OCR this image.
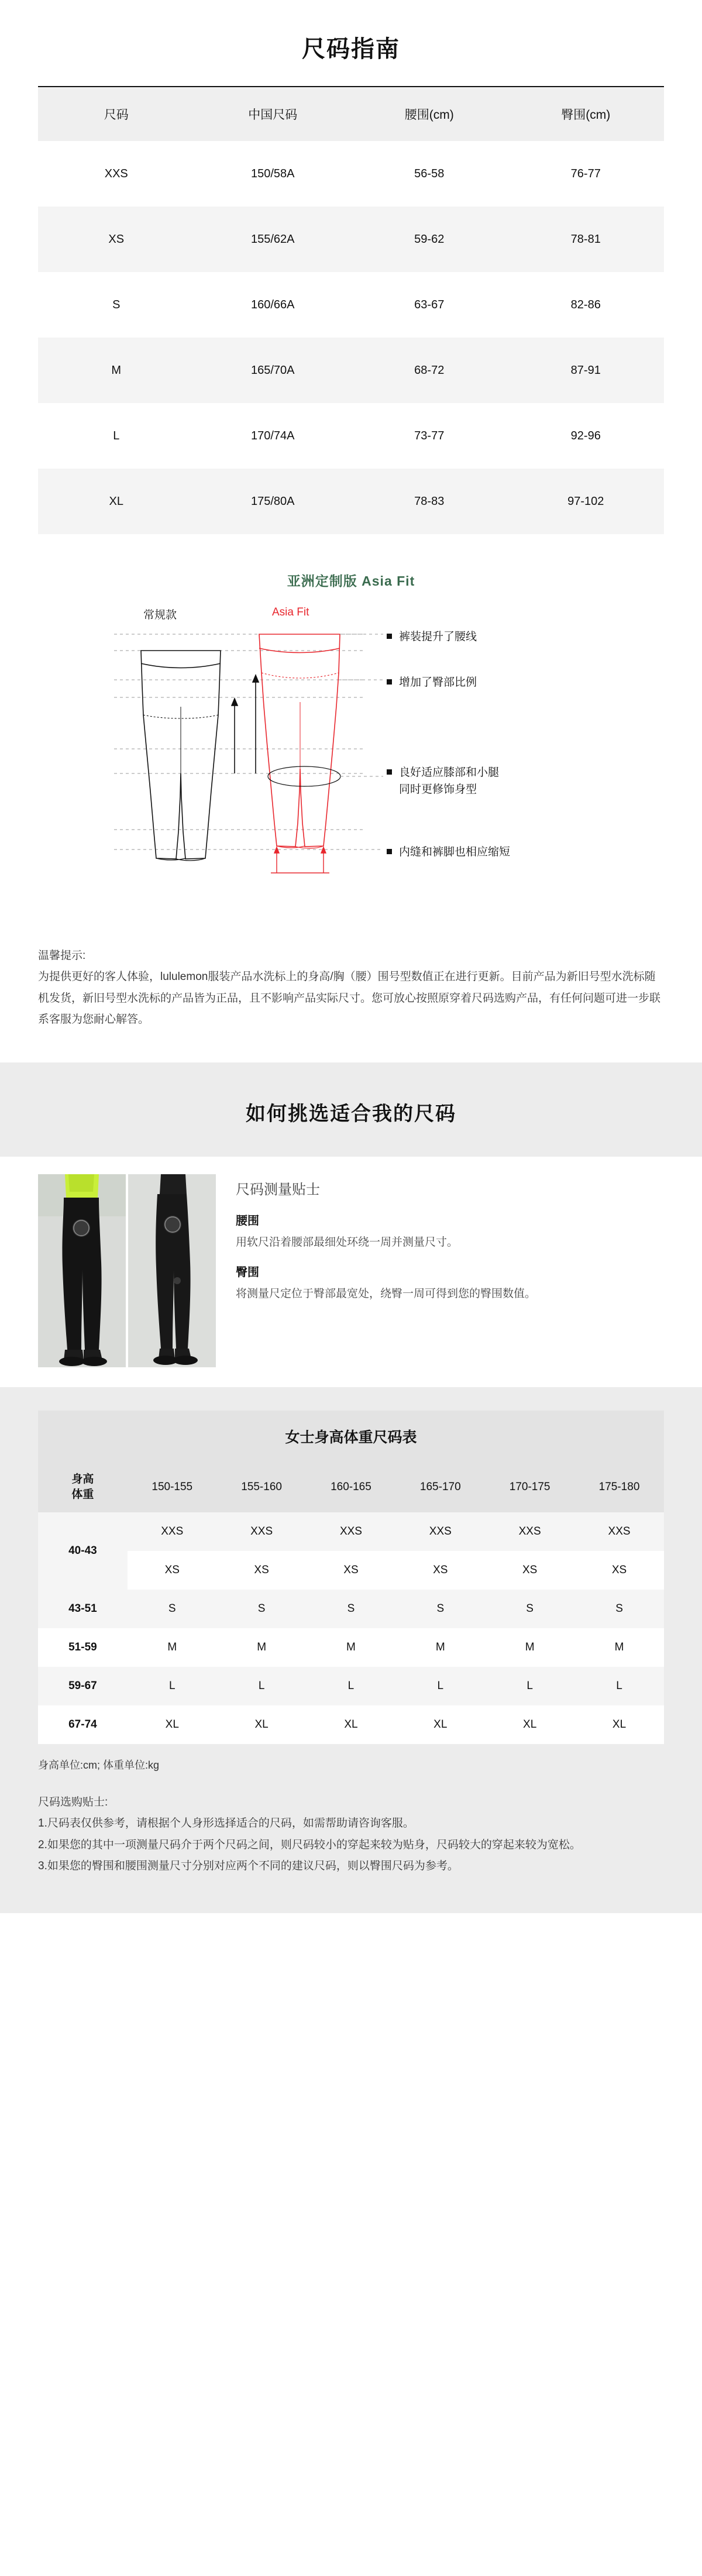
尺码指南
尺码	中国尺码	腰围(cm)	臀围(cm)
XXS	150/58A	56-58	76-77
XS	155/62A	59-62	78-81
S	160/66A	63-67	82-86
M	165/70A	68-72	87-91
L	170/74A	73-77	92-96
XL	175/80A	78-83	97-102
亚洲定制版 Asia Fit
常规款	Asia Fit
裤装提升了腰线
增加了臀部比例
良好适应膝部和小腿
同时更修饰身型
内缝和裤脚也相应缩短
温馨提示:
为提供更好的客人体验，lululemon服装产品水洗标上的身高/胸（腰）围号型数值正在进行更新。目前产品为新旧号型水洗标随机发货，新旧号型水洗标的产品皆为正品，且不影响产品实际尺寸。您可放心按照原穿着尺码选购产品，有任何问题可进一步联系客服为您耐心解答。
如何挑选适合我的尺码
尺码测量贴士
腰围
用软尺沿着腰部最细处环绕一周并测量尺寸。
臀围
将测量尺定位于臀部最宽处，绕臀一周可得到您的臀围数值。
女士身高体重尺码表
身高
体重	150-155	155-160	160-165	165-170	170-175	175-180
40-43	XXS	XXS	XXS	XXS	XXS	XXS
	XS	XS	XS	XS	XS	XS
43-51	S	S	S	S	S	S
51-59	M	M	M	M	M	M
59-67	L	L	L	L	L	L
67-74	XL	XL	XL	XL	XL	XL
身高单位:cm; 体重单位:kg
尺码选购贴士:
1.尺码表仅供参考，请根据个人身形选择适合的尺码，如需帮助请咨询客服。
2.如果您的其中一项测量尺码介于两个尺码之间，则尺码较小的穿起来较为贴身，尺码较大的穿起来较为宽松。
3.如果您的臀围和腰围测量尺寸分别对应两个不同的建议尺码，则以臀围尺码为参考。
